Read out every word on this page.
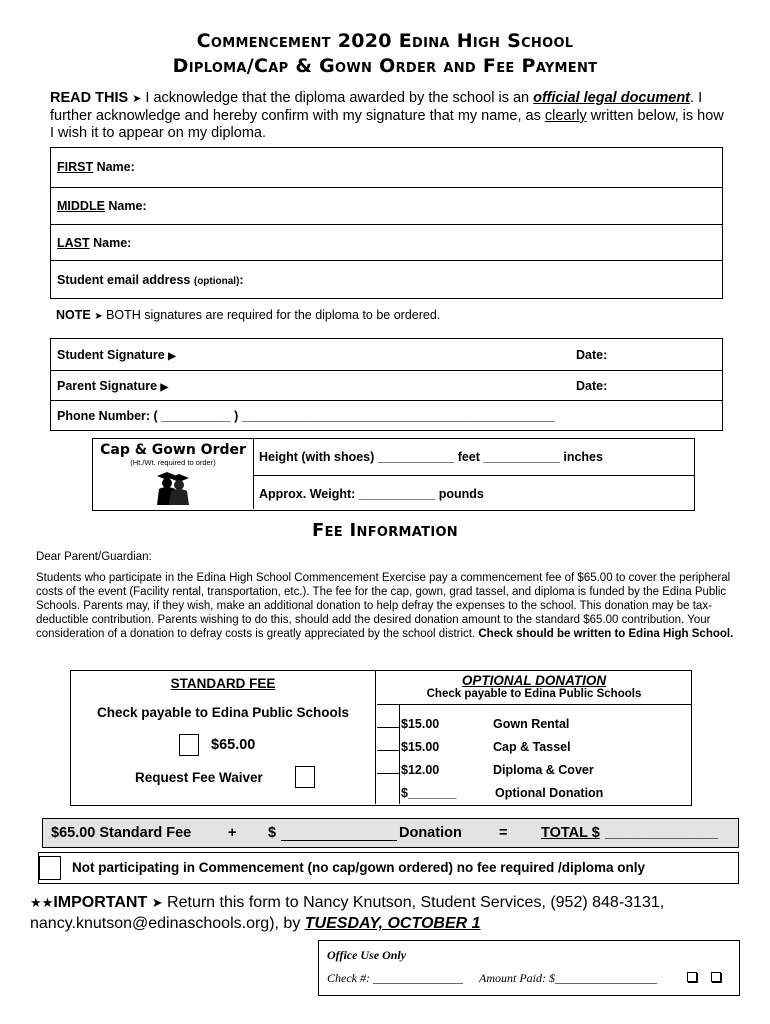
Commencement 2020 Edina High School
Diploma/Cap & Gown Order and Fee Payment
READ THIS ➤ I acknowledge that the diploma awarded by the school is an official legal document. I further acknowledge and hereby confirm with my signature that my name, as clearly written below, is how I wish it to appear on my diploma.
FIRST Name:
MIDDLE Name:
LAST Name:
Student email address (optional):
NOTE ➤ BOTH signatures are required for the diploma to be ordered.
Student Signature ▶	Date:
Parent Signature ▶	Date:
Phone Number: ( __________ ) _____________________________________________
Cap & Gown Order
(Ht./Wt. required to order)	Height (with shoes) ___________ feet ___________ inches
Approx. Weight: ___________ pounds
Fee Information
Dear Parent/Guardian:
Students who participate in the Edina High School Commencement Exercise pay a commencement fee of $65.00 to cover the peripheral costs of the event (Facility rental, transportation, etc.). The fee for the cap, gown, grad tassel, and diploma is funded by the Edina Public Schools. Parents may, if they wish, make an additional donation to help defray the expenses to the school. This donation may be tax-deductible contribution. Parents wishing to do this, should add the desired donation amount to the standard $65.00 contribution. Your consideration of a donation to defray costs is greatly appreciated by the school district. Check should be written to Edina High School.
STANDARD FEE
Check payable to Edina Public Schools
$65.00
Request Fee Waiver
OPTIONAL DONATION
Check payable to Edina Public Schools
$15.00	Gown Rental
$15.00	Cap & Tassel
$12.00	Diploma & Cover
$_______	Optional Donation
$65.00 Standard Fee	+ $	Donation	= TOTAL $ ______________
Not participating in Commencement (no cap/gown ordered) no fee required /diploma only
★★IMPORTANT ➤ Return this form to Nancy Knutson, Student Services, (952) 848-3131, nancy.knutson@edinaschools.org), by TUESDAY, OCTOBER 1
Office Use Only
Check #: _______________ Amount Paid: $_________________
